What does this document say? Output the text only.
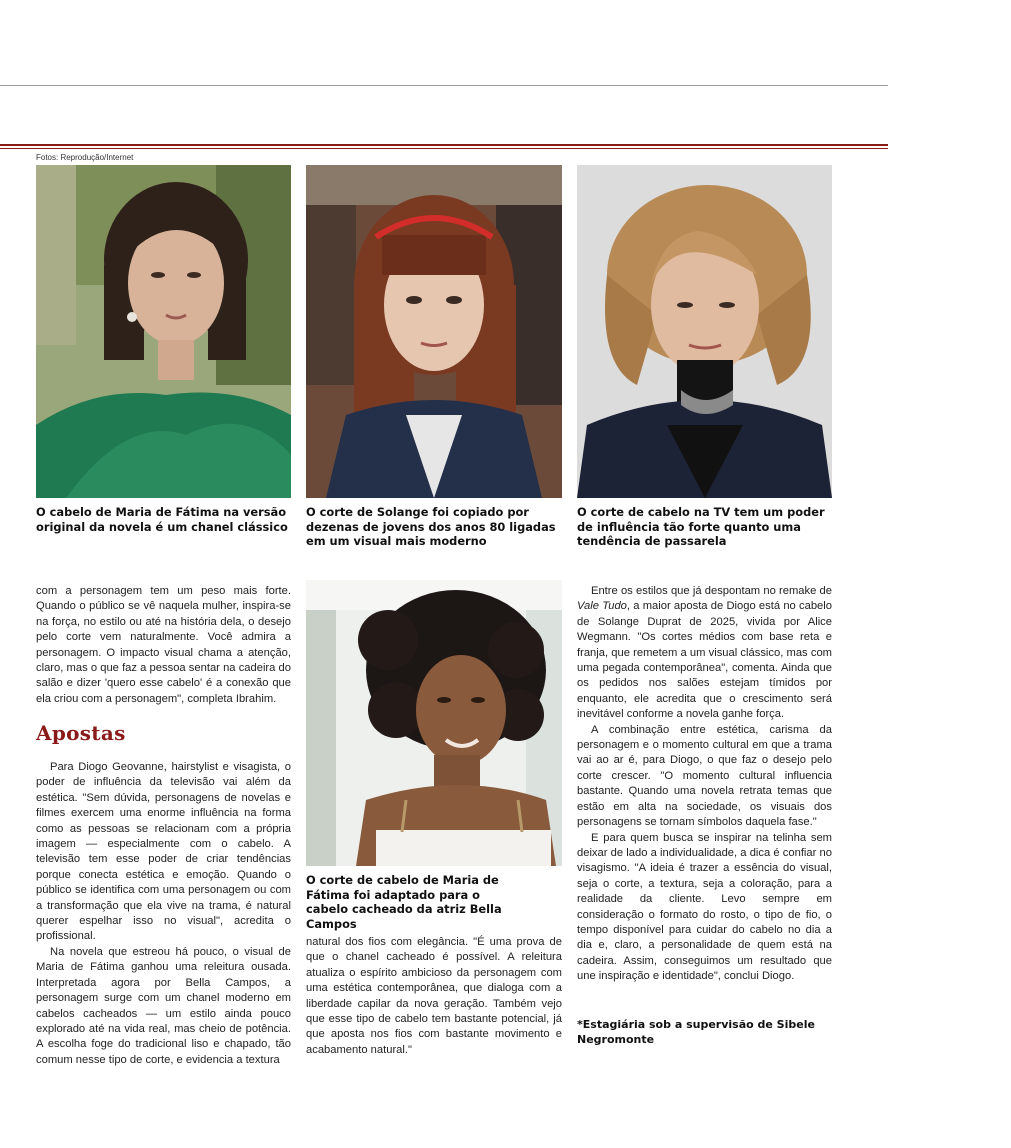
Fotos: Reprodução/Internet
O cabelo de Maria de Fátima na versão original da novela é um chanel clássico
O corte de Solange foi copiado por dezenas de jovens dos anos 80 ligadas em um visual mais moderno
O corte de cabelo na TV tem um poder de influência tão forte quanto uma tendência de passarela
O corte de cabelo de Maria de Fátima foi adaptado para o cabelo cacheado da atriz Bella Campos

com a personagem tem um peso mais forte. Quando o público se vê naquela mulher, inspira-se na força, no estilo ou até na história dela, o desejo pelo corte vem naturalmente. Você admira a personagem. O impacto visual chama a atenção, claro, mas o que faz a pessoa sentar na cadeira do salão e dizer 'quero esse cabelo' é a conexão que ela criou com a personagem", completa Ibrahim.

Apostas

Para Diogo Geovanne, hairstylist e visagista, o poder de influência da televisão vai além da estética. "Sem dúvida, personagens de novelas e filmes exercem uma enorme influência na forma como as pessoas se relacionam com a própria imagem — especialmente com o cabelo. A televisão tem esse poder de criar tendências porque conecta estética e emoção. Quando o público se identifica com uma personagem ou com a transformação que ela vive na trama, é natural querer espelhar isso no visual", acredita o profissional.

Na novela que estreou há pouco, o visual de Maria de Fátima ganhou uma releitura ousada. Interpretada agora por Bella Campos, a personagem surge com um chanel moderno em cabelos cacheados — um estilo ainda pouco explorado até na vida real, mas cheio de potência. A escolha foge do tradicional liso e chapado, tão comum nesse tipo de corte, e evidencia a textura

natural dos fios com elegância. "É uma prova de que o chanel cacheado é possível. A releitura atualiza o espírito ambicioso da personagem com uma estética contemporânea, que dialoga com a liberdade capilar da nova geração. Também vejo que esse tipo de cabelo tem bastante potencial, já que aposta nos fios com bastante movimento e acabamento natural."

Entre os estilos que já despontam no remake de Vale Tudo, a maior aposta de Diogo está no cabelo de Solange Duprat de 2025, vivida por Alice Wegmann. "Os cortes médios com base reta e franja, que remetem a um visual clássico, mas com uma pegada contemporânea", comenta. Ainda que os pedidos nos salões estejam tímidos por enquanto, ele acredita que o crescimento será inevitável conforme a novela ganhe força.

A combinação entre estética, carisma da personagem e o momento cultural em que a trama vai ao ar é, para Diogo, o que faz o desejo pelo corte crescer. "O momento cultural influencia bastante. Quando uma novela retrata temas que estão em alta na sociedade, os visuais dos personagens se tornam símbolos daquela fase."

E para quem busca se inspirar na telinha sem deixar de lado a individualidade, a dica é confiar no visagismo. "A ideia é trazer a essência do visual, seja o corte, a textura, seja a coloração, para a realidade da cliente. Levo sempre em consideração o formato do rosto, o tipo de fio, o tempo disponível para cuidar do cabelo no dia a dia e, claro, a personalidade de quem está na cadeira. Assim, conseguimos um resultado que une inspiração e identidade", conclui Diogo.

*Estagiária sob a supervisão de Sibele Negromonte
